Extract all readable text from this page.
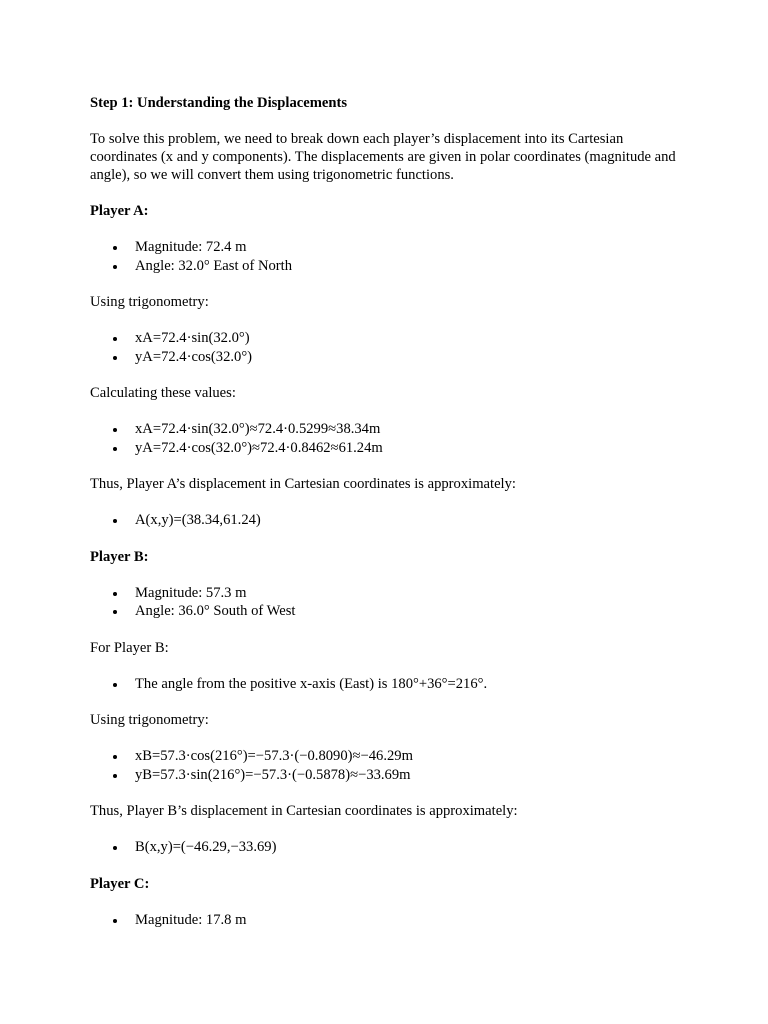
Step 1: Understanding the Displacements

To solve this problem, we need to break down each player’s displacement into its Cartesian coordinates (x and y components). The displacements are given in polar coordinates (magnitude and angle), so we will convert them using trigonometric functions.

Player A:

Magnitude: 72.4 m
Angle: 32.0° East of North

Using trigonometry:

xA=72.4·sin(32.0°)
yA=72.4·cos(32.0°)

Calculating these values:

xA=72.4·sin(32.0°)≈72.4·0.5299≈38.34m
yA=72.4·cos(32.0°)≈72.4·0.8462≈61.24m

Thus, Player A’s displacement in Cartesian coordinates is approximately:

A(x,y)=(38.34,61.24)

Player B:

Magnitude: 57.3 m
Angle: 36.0° South of West

For Player B:

The angle from the positive x-axis (East) is 180°+36°=216°.

Using trigonometry:

xB=57.3·cos(216°)=−57.3·(−0.8090)≈−46.29m
yB=57.3·sin(216°)=−57.3·(−0.5878)≈−33.69m

Thus, Player B’s displacement in Cartesian coordinates is approximately:

B(x,y)=(−46.29,−33.69)

Player C:

Magnitude: 17.8 m
